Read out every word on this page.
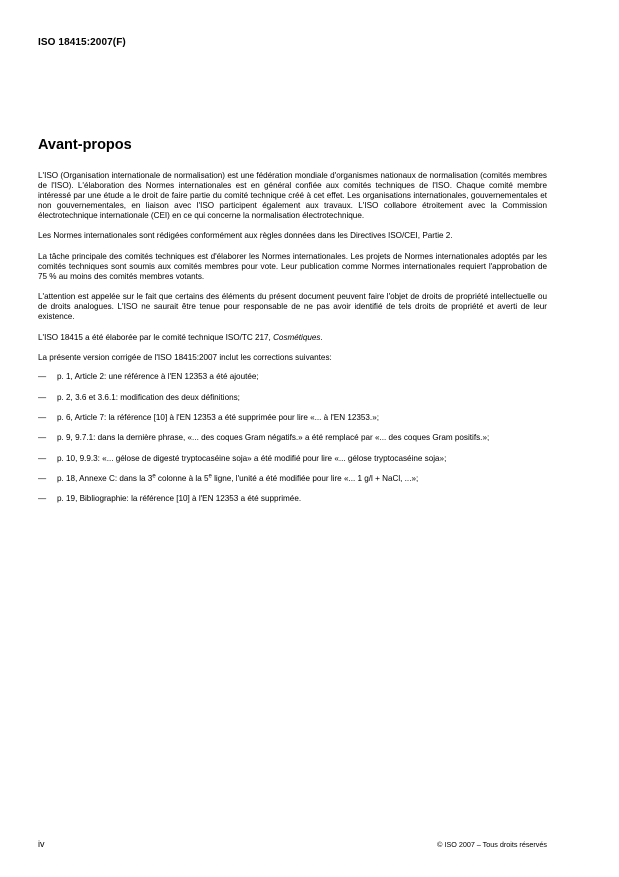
ISO 18415:2007(F)
Avant-propos

L'ISO (Organisation internationale de normalisation) est une fédération mondiale d'organismes nationaux de normalisation (comités membres de l'ISO). L'élaboration des Normes internationales est en général confiée aux comités techniques de l'ISO. Chaque comité membre intéressé par une étude a le droit de faire partie du comité technique créé à cet effet. Les organisations internationales, gouvernementales et non gouvernementales, en liaison avec l'ISO participent également aux travaux. L'ISO collabore étroitement avec la Commission électrotechnique internationale (CEI) en ce qui concerne la normalisation électrotechnique.

Les Normes internationales sont rédigées conformément aux règles données dans les Directives ISO/CEI, Partie 2.

La tâche principale des comités techniques est d'élaborer les Normes internationales. Les projets de Normes internationales adoptés par les comités techniques sont soumis aux comités membres pour vote. Leur publication comme Normes internationales requiert l'approbation de 75 % au moins des comités membres votants.

L'attention est appelée sur le fait que certains des éléments du présent document peuvent faire l'objet de droits de propriété intellectuelle ou de droits analogues. L'ISO ne saurait être tenue pour responsable de ne pas avoir identifié de tels droits de propriété et averti de leur existence.

L'ISO 18415 a été élaborée par le comité technique ISO/TC 217, Cosmétiques.

La présente version corrigée de l'ISO 18415:2007 inclut les corrections suivantes:

— p. 1, Article 2: une référence à l'EN 12353 a été ajoutée;
— p. 2, 3.6 et 3.6.1: modification des deux définitions;
— p. 6, Article 7: la référence [10] à l'EN 12353 a été supprimée pour lire «... à l'EN 12353.»;
— p. 9, 9.7.1: dans la dernière phrase, «... des coques Gram négatifs.» a été remplacé par «... des coques Gram positifs.»;
— p. 10, 9.9.3: «... gélose de digesté tryptocaséine soja» a été modifié pour lire «... gélose tryptocaséine soja»;
— p. 18, Annexe C: dans la 3e colonne à la 5e ligne, l'unité a été modifiée pour lire «... 1 g/l + NaCl, ...»;
— p. 19, Bibliographie: la référence [10] à l'EN 12353 a été supprimée.
iv	© ISO 2007 – Tous droits réservés
